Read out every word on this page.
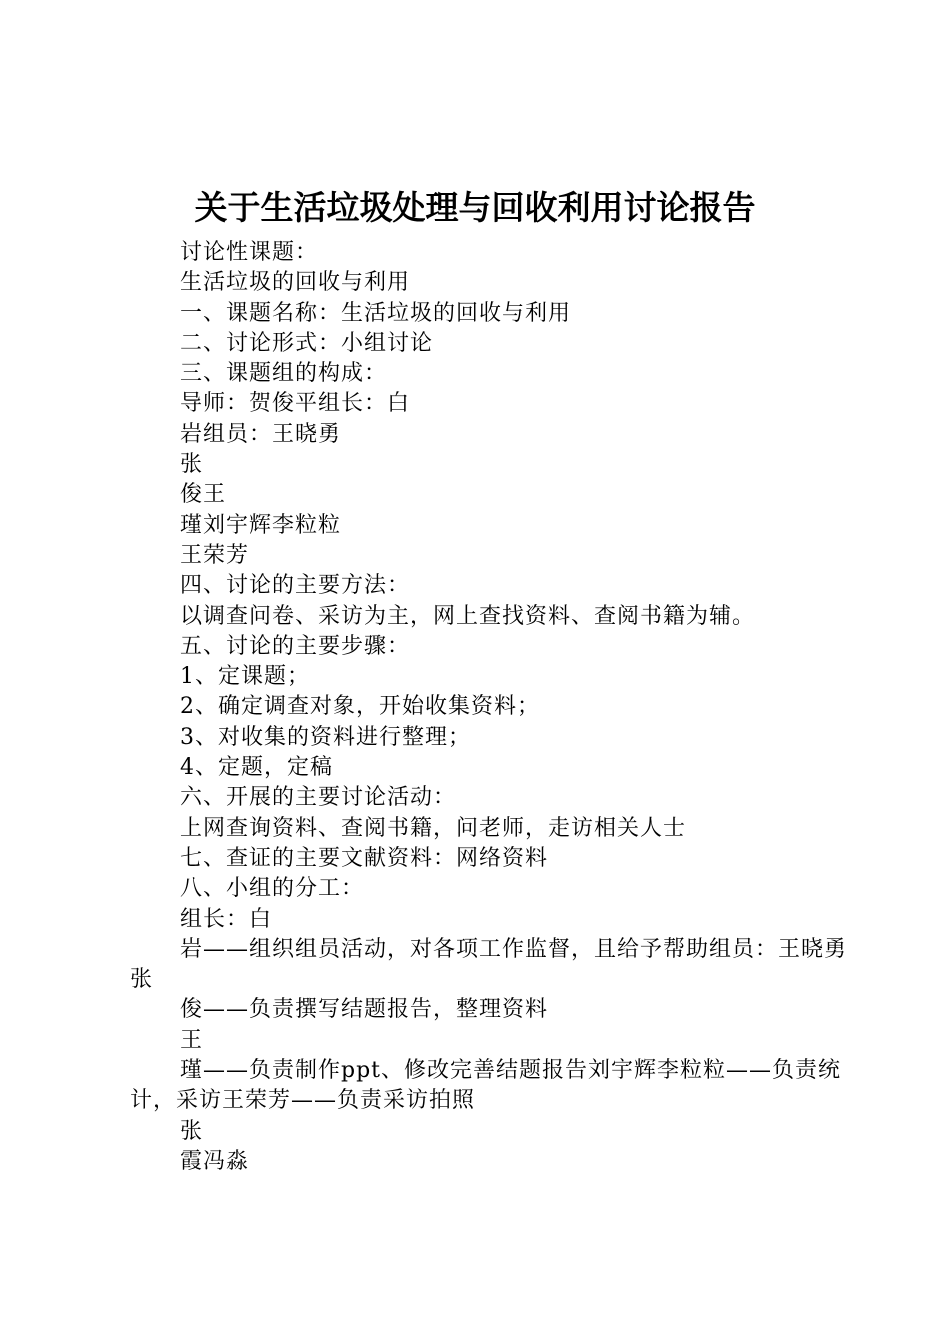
关于生活垃圾处理与回收利用讨论报告
讨论性课题：
生活垃圾的回收与利用
一、课题名称：生活垃圾的回收与利用
二、讨论形式：小组讨论
三、课题组的构成：
导师：贺俊平组长：白
岩组员：王晓勇
张
俊王
瑾刘宇辉李粒粒
王荣芳
四、讨论的主要方法：
以调查问卷、采访为主，网上查找资料、查阅书籍为辅。
五、讨论的主要步骤：
1、定课题；
2、确定调查对象，开始收集资料；
3、对收集的资料进行整理；
4、定题，定稿
六、开展的主要讨论活动：
上网查询资料、查阅书籍，问老师，走访相关人士
七、查证的主要文献资料：网络资料
八、小组的分工：
组长：白
岩——组织组员活动，对各项工作监督，且给予帮助组员：王晓勇张
俊——负责撰写结题报告，整理资料
王
瑾——负责制作ppt、修改完善结题报告刘宇辉李粒粒——负责统计，采访王荣芳——负责采访拍照
张
霞冯淼
